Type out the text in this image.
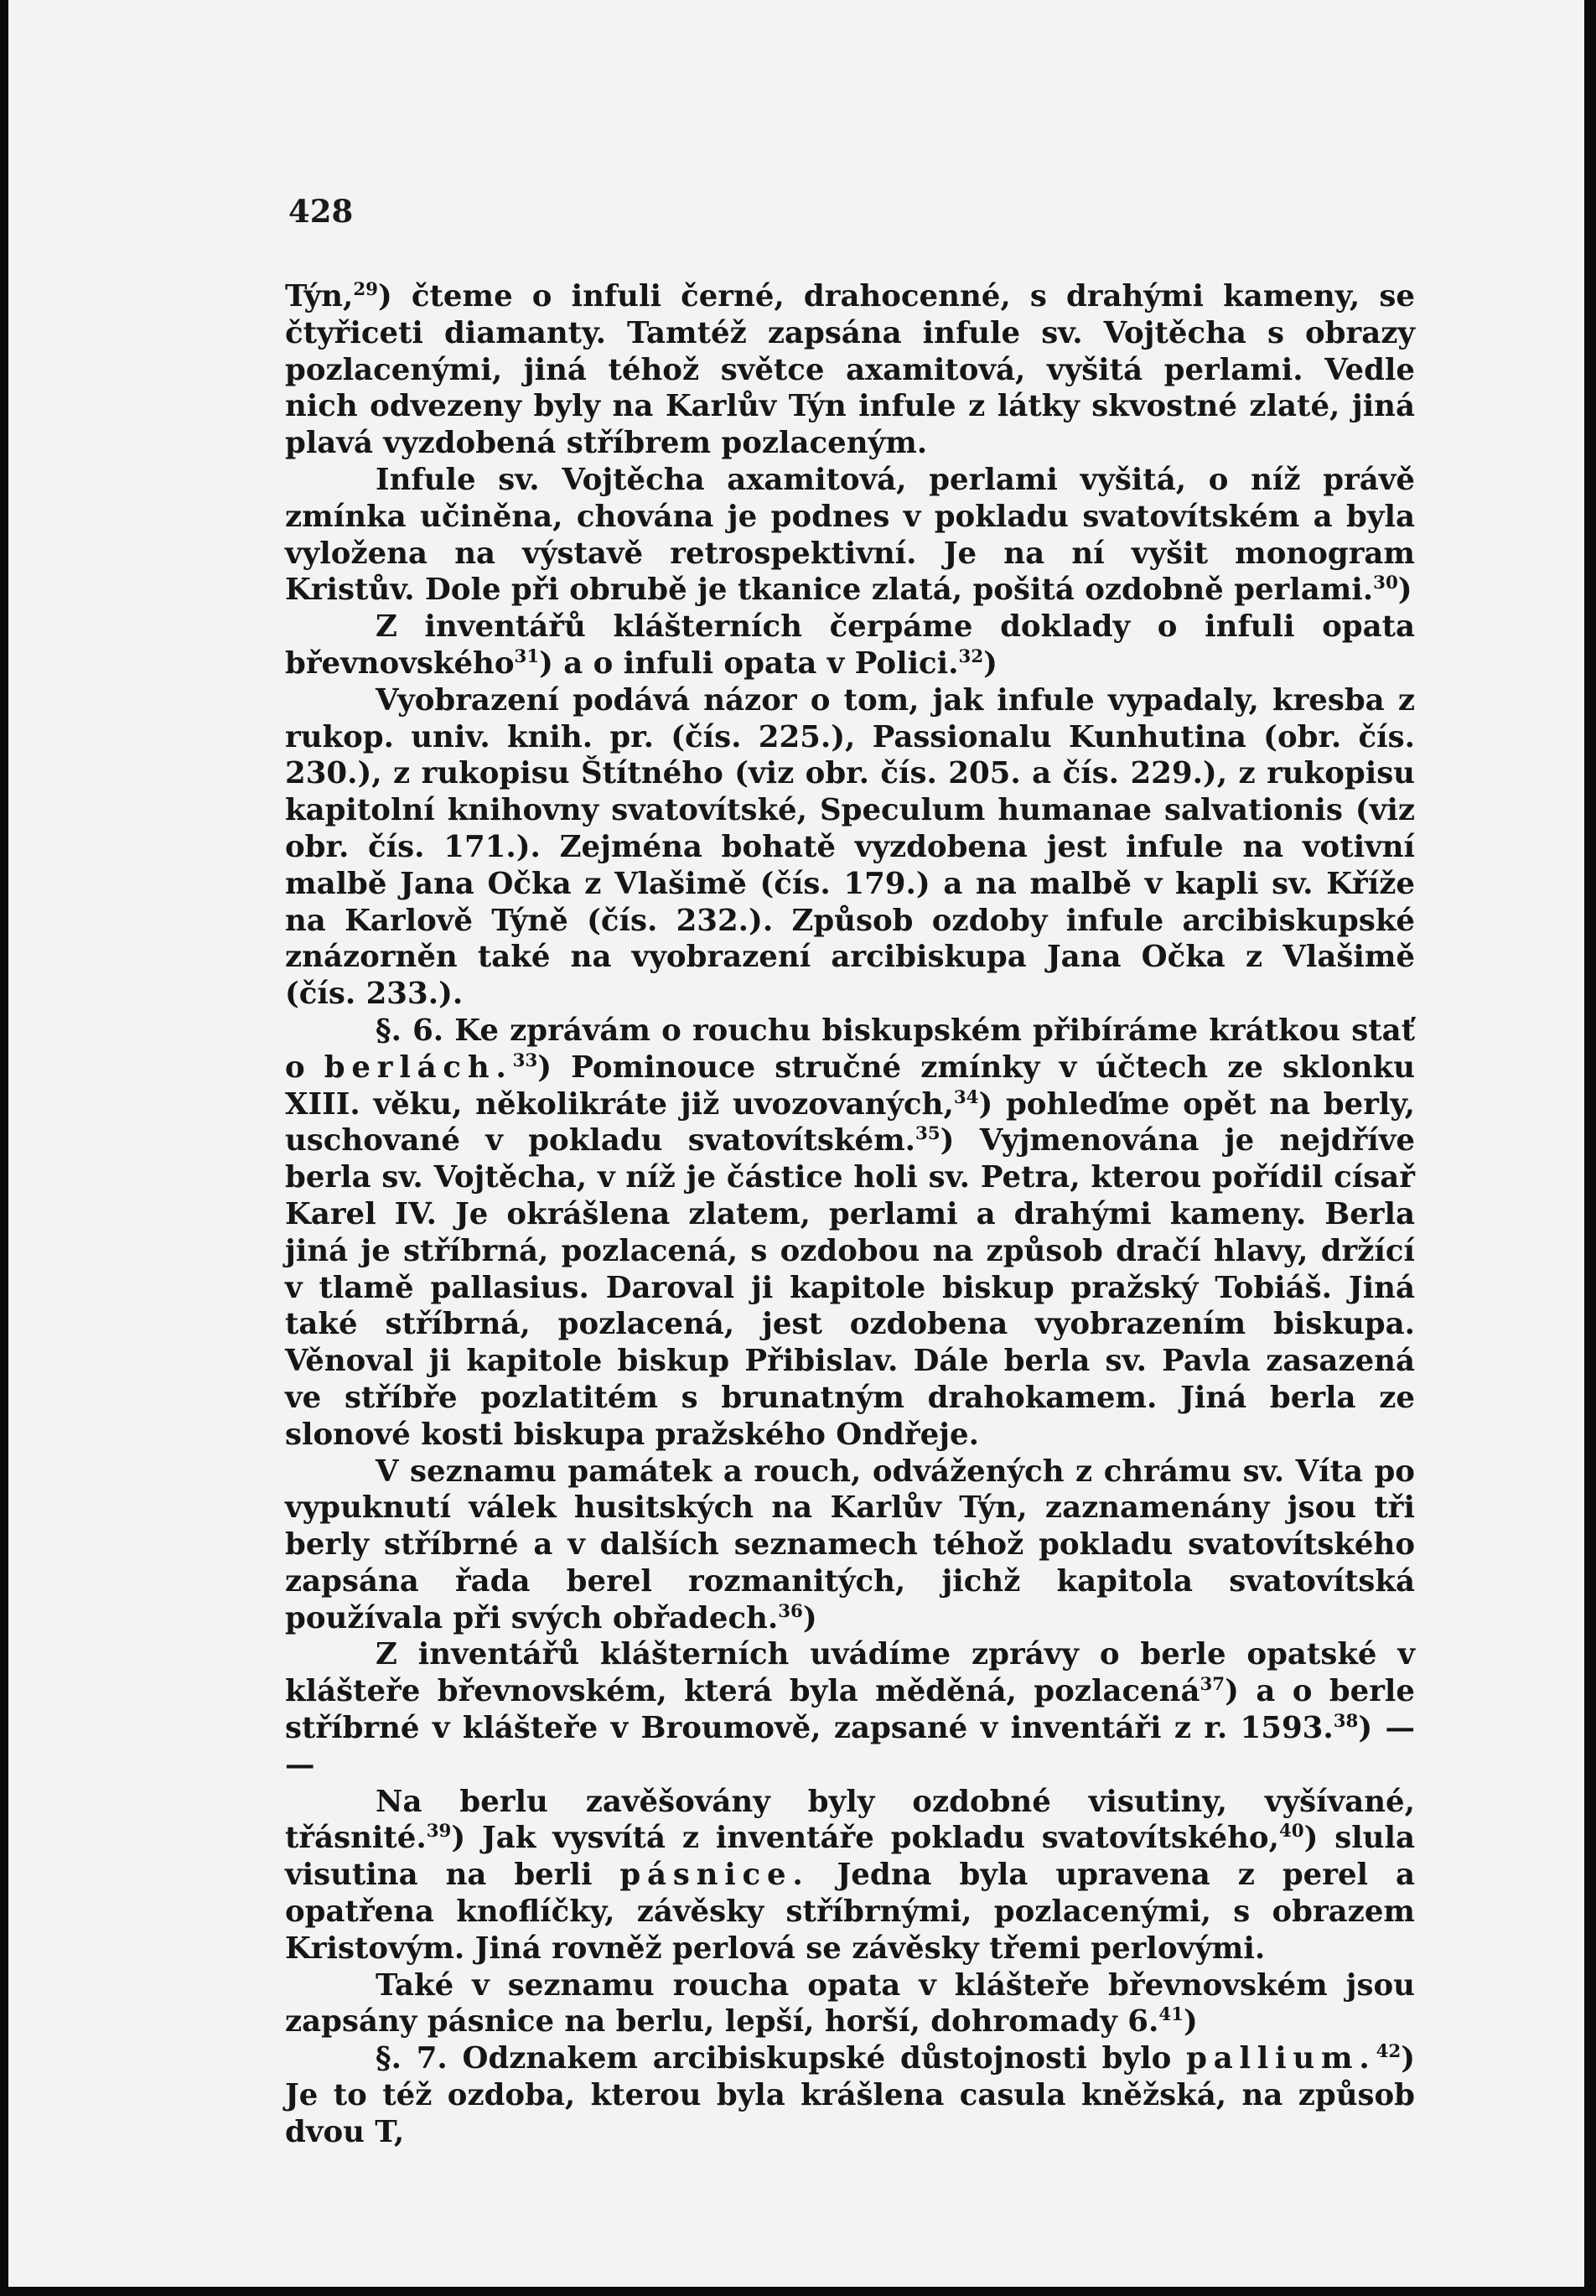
428

Týn,$^{29}$) čteme o infuli černé, drahocenné, s drahými kameny, se čtyřiceti diamanty. Tamtéž zapsána infule sv. Vojtěcha s obrazy pozlacenými, jiná téhož světce axamitová, vyšitá perlami. Vedle nich odvezeny byly na Karlův Týn infule z látky skvostné zlaté, jiná plavá vyzdobená stříbrem pozlaceným.

Infule sv. Vojtěcha axamitová, perlami vyšitá, o níž právě zmínka učiněna, chována je podnes v pokladu svatovítském a byla vyložena na výstavě retrospektivní. Je na ní vyšit monogram Kristův. Dole při obrubě je tkanice zlatá, pošitá ozdobně perlami.$^{30}$)

Z inventářů klášterních čerpáme doklady o infuli opata břevnovského$^{31}$) a o infuli opata v Polici.$^{32}$)

Vyobrazení podává názor o tom, jak infule vypadaly, kresba z rukop. univ. knih. pr. (čís. 225.), Passionalu Kunhutina (obr. čís. 230.), z rukopisu Štítného (viz obr. čís. 205. a čís. 229.), z rukopisu kapitolní knihovny svatovítské, Speculum humanae salvationis (viz obr. čís. 171.). Zejména bohatě vyzdobena jest infule na votivní malbě Jana Očka z Vlašimě (čís. 179.) a na malbě v kapli sv. Kříže na Karlově Týně (čís. 232.). Způsob ozdoby infule arcibiskupské znázorněn také na vyobrazení arcibiskupa Jana Očka z Vlašimě (čís. 233.).

§. 6. Ke zprávám o rouchu biskupském přibíráme krátkou stať o berlách.$^{33}$) Pominouce stručné zmínky v účtech ze sklonku XIII. věku, několikráte již uvozovaných,$^{34}$) pohleďme opět na berly, uschované v pokladu svatovítském.$^{35}$) Vyjmenována je nejdříve berla sv. Vojtěcha, v níž je částice holi sv. Petra, kterou pořídil císař Karel IV. Je okrášlena zlatem, perlami a drahými kameny. Berla jiná je stříbrná, pozlacená, s ozdobou na způsob dračí hlavy, držící v tlamě pallasius. Daroval ji kapitole biskup pražský Tobiáš. Jiná také stříbrná, pozlacená, jest ozdobena vyobrazením biskupa. Věnoval ji kapitole biskup Přibislav. Dále berla sv. Pavla zasazená ve stříbře pozlatitém s brunatným drahokamem. Jiná berla ze slonové kosti biskupa pražského Ondřeje.

V seznamu památek a rouch, odvážených z chrámu sv. Víta po vypuknutí válek husitských na Karlův Týn, zaznamenány jsou tři berly stříbrné a v dalších seznamech téhož pokladu svatovítského zapsána řada berel rozmanitých, jichž kapitola svatovítská používala při svých obřadech.$^{36}$)

Z inventářů klášterních uvádíme zprávy o berle opatské v klášteře břevnovském, která byla měděná, pozlacená$^{37}$) a o berle stříbrné v klášteře v Broumově, zapsané v inventáři z r. 1593.38) — —

Na berlu zavěšovány byly ozdobné visutiny, vyšívané, třásnité.$^{39}$) Jak vysvítá z inventáře pokladu svatovítského,$^{40}$) slula visutina na berli pásnice. Jedna byla upravena z perel a opatřena knoflíčky, závěsky stříbrnými, pozlacenými, s obrazem Kristovým. Jiná rovněž perlová se závěsky třemi perlovými.

Také v seznamu roucha opata v klášteře břevnovském jsou zapsány pásnice na berlu, lepší, horší, dohromady 6.41)

§. 7. Odznakem arcibiskupské důstojnosti bylo pallium.$^{42}$) Je to též ozdoba, kterou byla krášlena casula kněžská, na způsob dvou T,
